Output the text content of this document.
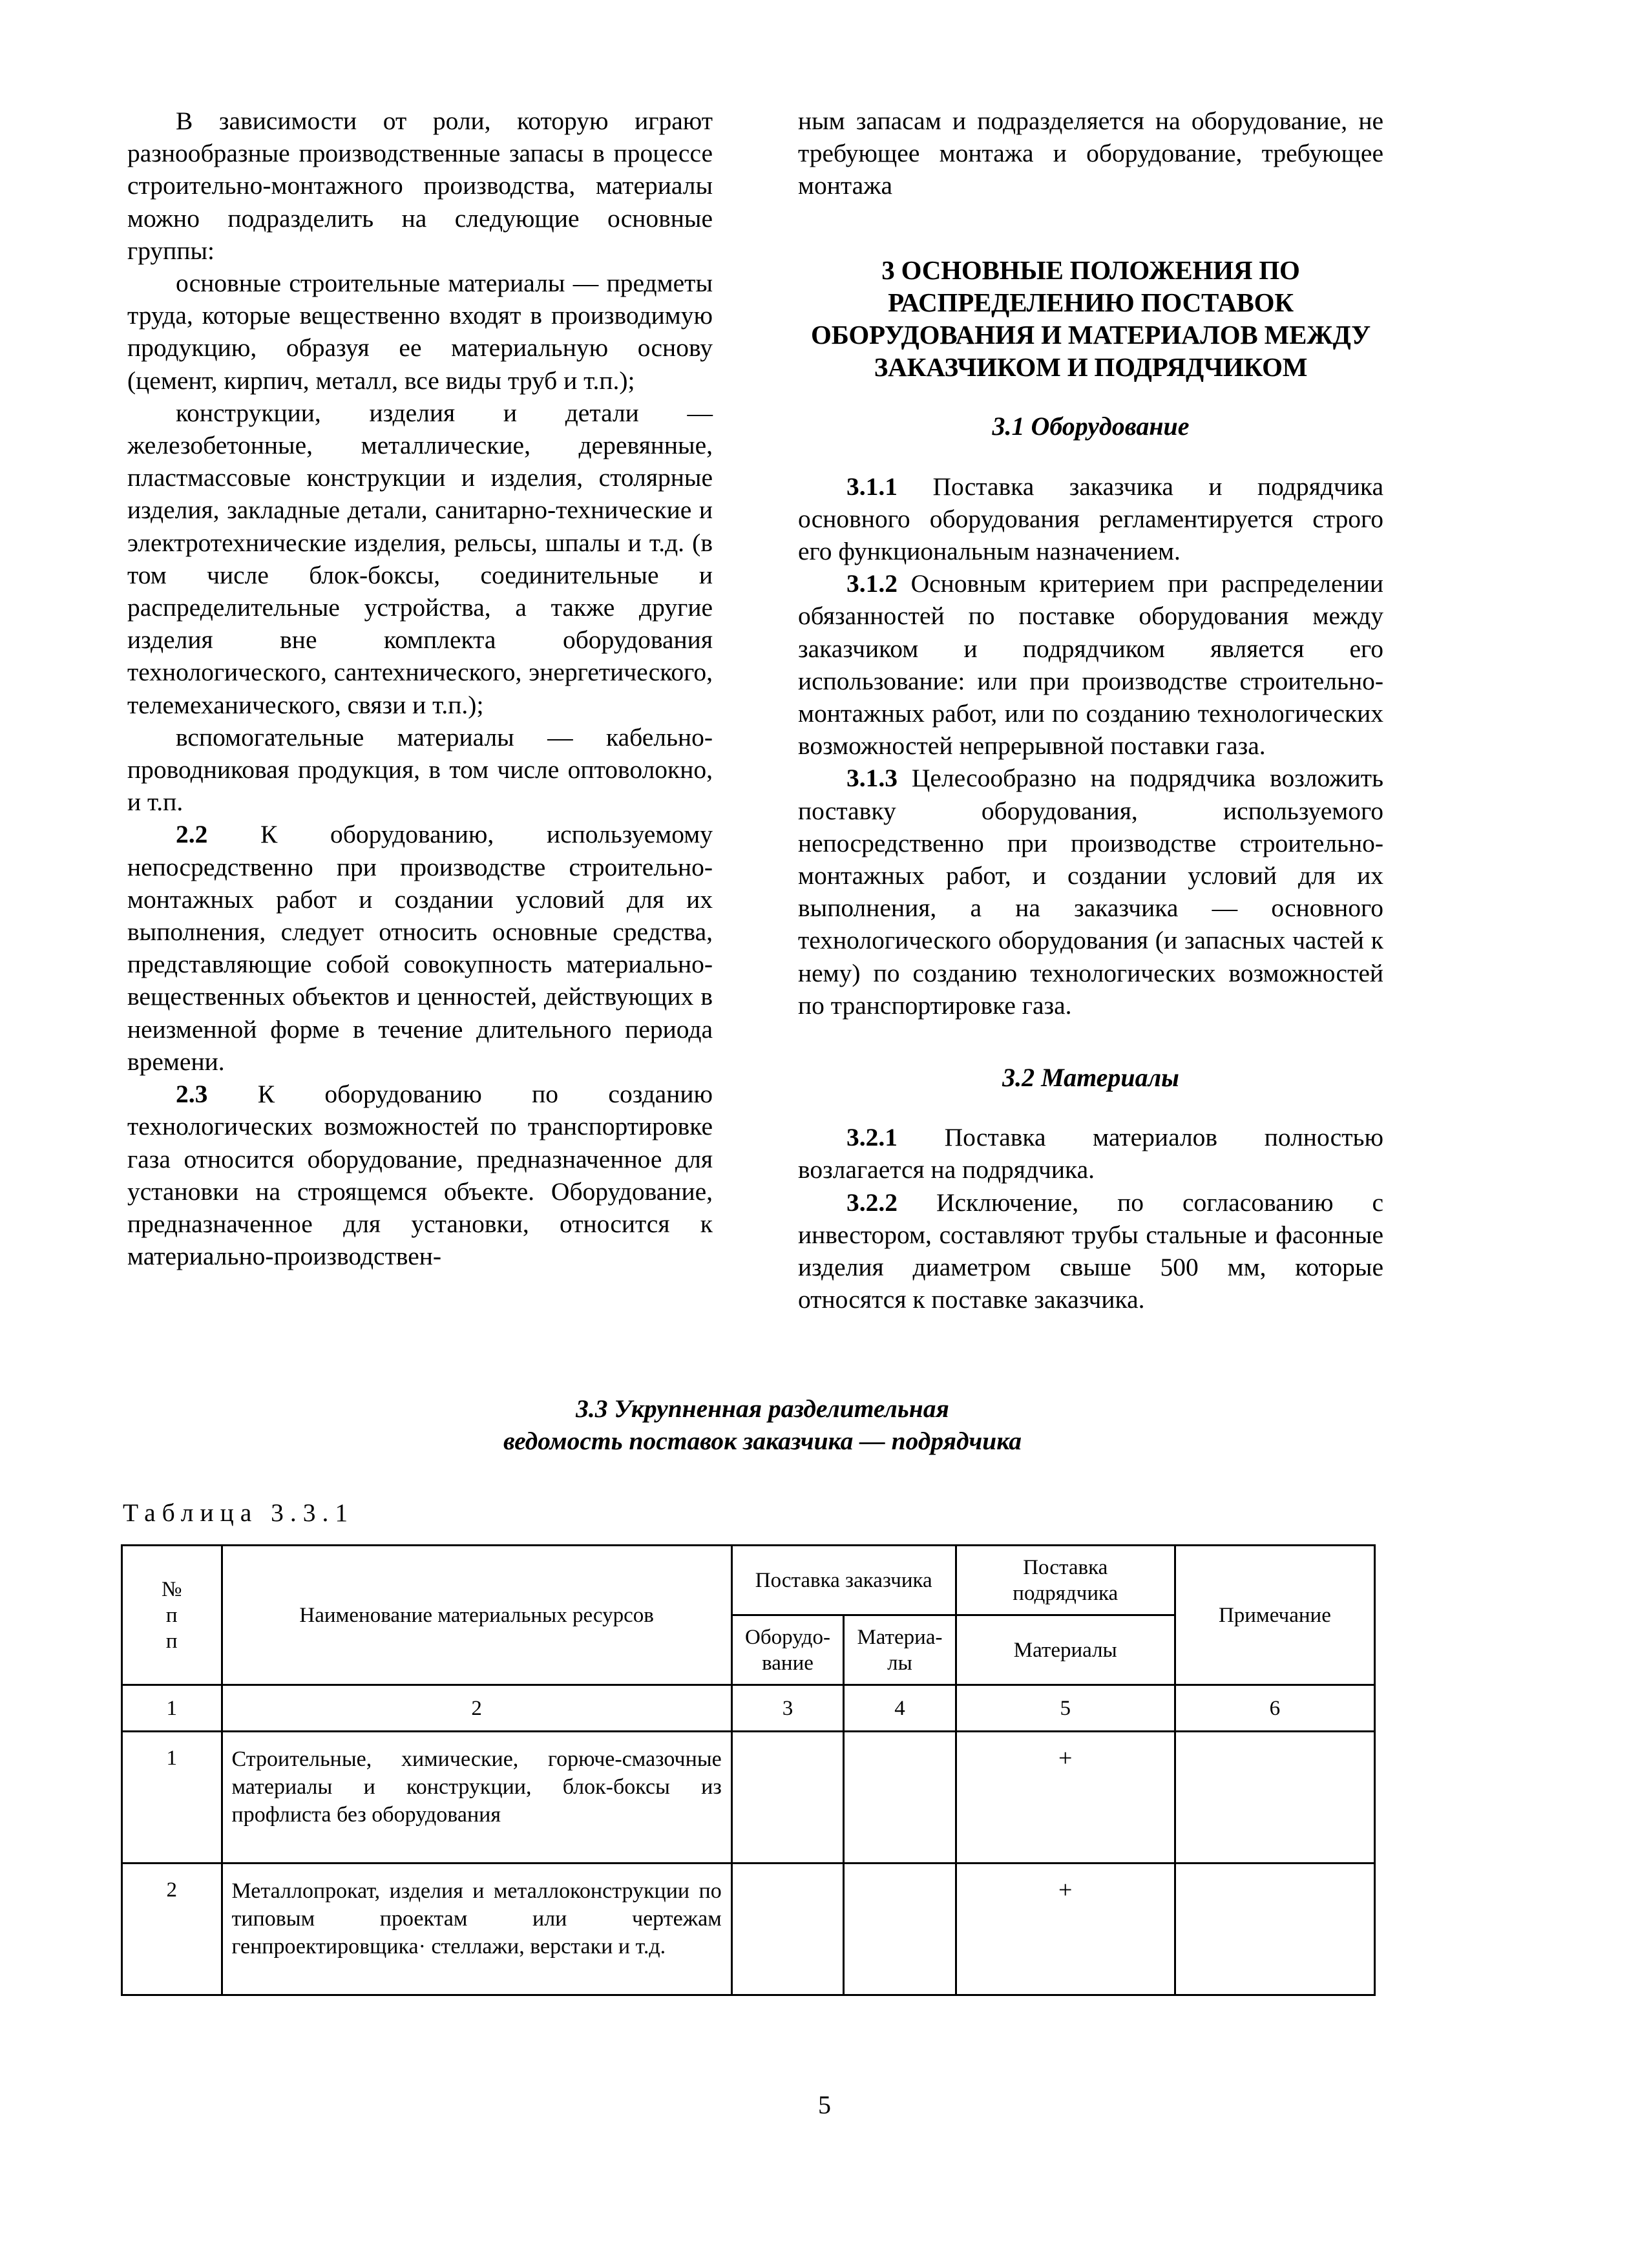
В зависимости от роли, которую играют разнообразные производственные запасы в процессе строительно-монтажного производства, материалы можно подразделить на следующие основные группы:

основные строительные материалы — предметы труда, которые вещественно входят в производимую продукцию, образуя ее материальную основу (цемент, кирпич, металл, все виды труб и т.п.);

конструкции, изделия и детали — железобетонные, металлические, деревянные, пластмассовые конструкции и изделия, столярные изделия, закладные детали, санитарно-технические и электротехнические изделия, рельсы, шпалы и т.д. (в том числе блок-боксы, соединительные и распределительные устройства, а также другие изделия вне комплекта оборудования технологического, сантехнического, энергетического, телемеханического, связи и т.п.);

вспомогательные материалы — кабельно-проводниковая продукция, в том числе оптоволокно, и т.п.

2.2 К оборудованию, используемому непосредственно при производстве строительно-монтажных работ и создании условий для их выполнения, следует относить основные средства, представляющие собой совокупность материально-вещественных объектов и ценностей, действующих в неизменной форме в течение длительного периода времени.

2.3 К оборудованию по созданию технологических возможностей по транспортировке газа относится оборудование, предназначенное для установки на строящемся объекте. Оборудование, предназначенное для установки, относится к материально-производствен-

ным запасам и подразделяется на оборудование, не требующее монтажа и оборудование, требующее монтажа

3 ОСНОВНЫЕ ПОЛОЖЕНИЯ ПО РАСПРЕДЕЛЕНИЮ ПОСТАВОК ОБОРУДОВАНИЯ И МАТЕРИАЛОВ МЕЖДУ ЗАКАЗЧИКОМ И ПОДРЯДЧИКОМ

3.1 Оборудование

3.1.1 Поставка заказчика и подрядчика основного оборудования регламентируется строго его функциональным назначением.

3.1.2 Основным критерием при распределении обязанностей по поставке оборудования между заказчиком и подрядчиком является его использование: или при производстве строительно-монтажных работ, или по созданию технологических возможностей непрерывной поставки газа.

3.1.3 Целесообразно на подрядчика возложить поставку оборудования, используемого непосредственно при производстве строительно-монтажных работ, и создании условий для их выполнения, а на заказчика — основного технологического оборудования (и запасных частей к нему) по созданию технологических возможностей по транспортировке газа.

3.2 Материалы

3.2.1 Поставка материалов полностью возлагается на подрядчика.

3.2.2 Исключение, по согласованию с инвестором, составляют трубы стальные и фасонные изделия диаметром свыше 500 мм, которые относятся к поставке заказчика.

3.3 Укрупненная разделительная
ведомость поставок заказчика — подрядчика
Таблица 3.3.1
№ п п	Наименование материальных ресурсов	Поставка заказчика		Поставка подрядчика	Примечание
		Оборудо-вание	Материа-лы	Материалы	
1	2	3	4	5	6
1	Строительные, химические, горюче-смазочные материалы и конструкции, блок-боксы из профлиста без оборудования			+	
2	Металлопрокат, изделия и металлоконструкции по типовым проектам или чертежам генпроектировщика· стеллажи, верстаки и т.д.			+	
5
